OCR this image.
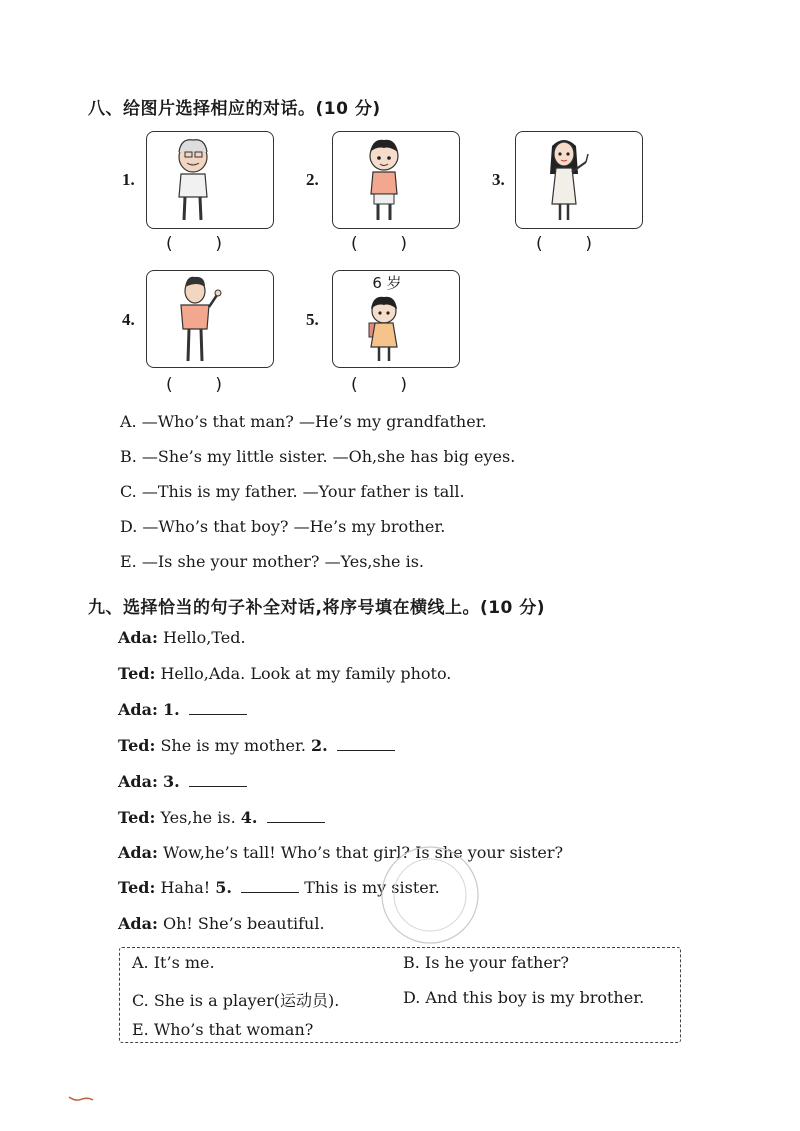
八、给图片选择相应的对话。(10 分)
1.
(	)
2.
(	)
3.
(	)
4.
(	)
5.
6 岁
(	)
A. —Who’s that man? —He’s my grandfather.
B. —She’s my little sister. —Oh,she has big eyes.
C. —This is my father. —Your father is tall.
D. —Who’s that boy? —He’s my brother.
E. —Is she your mother? —Yes,she is.
九、选择恰当的句子补全对话,将序号填在横线上。(10 分)
Ada: Hello,Ted.
Ted: Hello,Ada. Look at my family photo.
Ada: 1.
Ted: She is my mother. 2.
Ada: 3.
Ted: Yes,he is. 4.
Ada: Wow,he’s tall! Who’s that girl? Is she your sister?
Ted: Haha! 5.	This is my sister.
Ada: Oh! She’s beautiful.
A. It’s me.	B. Is he your father?
C. She is a player(运动员).	D. And this boy is my brother.
E. Who’s that woman?
